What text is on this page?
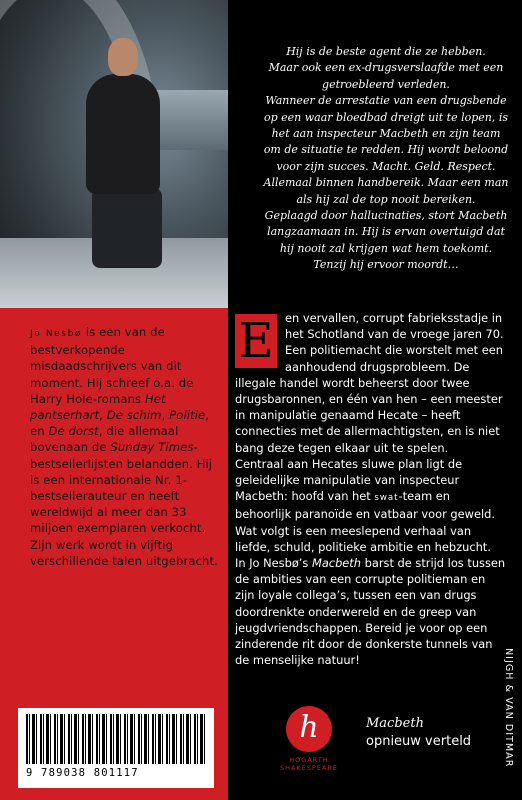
Jo Nesbø is een van de bestverkopende misdaadschrijvers van dit moment. Hij schreef o.a. de Harry Hole-romans Het pantserhart, De schim, Politie, en De dorst, die allemaal bovenaan de Sunday Times-bestsellerlijsten belandden. Hij is een internationale Nr. 1-bestsellerauteur en heeft wereldwijd al meer dan 33 miljoen exemplaren verkocht. Zijn werk wordt in vijftig verschillende talen uitgebracht.

9 789038 801117

Hij is de beste agent die ze hebben.

Maar ook een ex-drugsverslaafde met een getroebleerd verleden.

Wanneer de arrestatie van een drugsbende op een waar bloedbad dreigt uit te lopen, is het aan inspecteur Macbeth en zijn team om de situatie te redden. Hij wordt beloond voor zijn succes. Macht. Geld. Respect. Allemaal binnen handbereik. Maar een man als hij zal de top nooit bereiken.

Geplaagd door hallucinaties, stort Macbeth langzaamaan in. Hij is ervan overtuigd dat hij nooit zal krijgen wat hem toekomt.

Tenzij hij ervoor moordt…

E	en vervallen, corrupt fabrieksstadje in het Schotland van de vroege jaren 70. Een politiemacht die worstelt met een aanhoudend drugsprobleem. De illegale handel wordt beheerst door twee drugsbaronnen, en één van hen – een meester in manipulatie genaamd Hecate – heeft connecties met de allermachtigsten, en is niet bang deze tegen elkaar uit te spelen.

Centraal aan Hecates sluwe plan ligt de geleidelijke manipulatie van inspecteur Macbeth: hoofd van het swat-team en behoorlijk paranoïde en vatbaar voor geweld. Wat volgt is een meeslepend verhaal van liefde, schuld, politieke ambitie en hebzucht.

In Jo Nesbø’s Macbeth barst de strijd los tussen de ambities van een corrupte politieman en zijn loyale collega’s, tussen een van drugs doordrenkte onderwereld en de greep van jeugdvriendschappen. Bereid je voor op een zinderende rit door de donkerste tunnels van de menselijke natuur!

h
HOGARTH
SHAKESPEARE
Macbeth
opnieuw verteld	NIJGH & VAN DITMAR
